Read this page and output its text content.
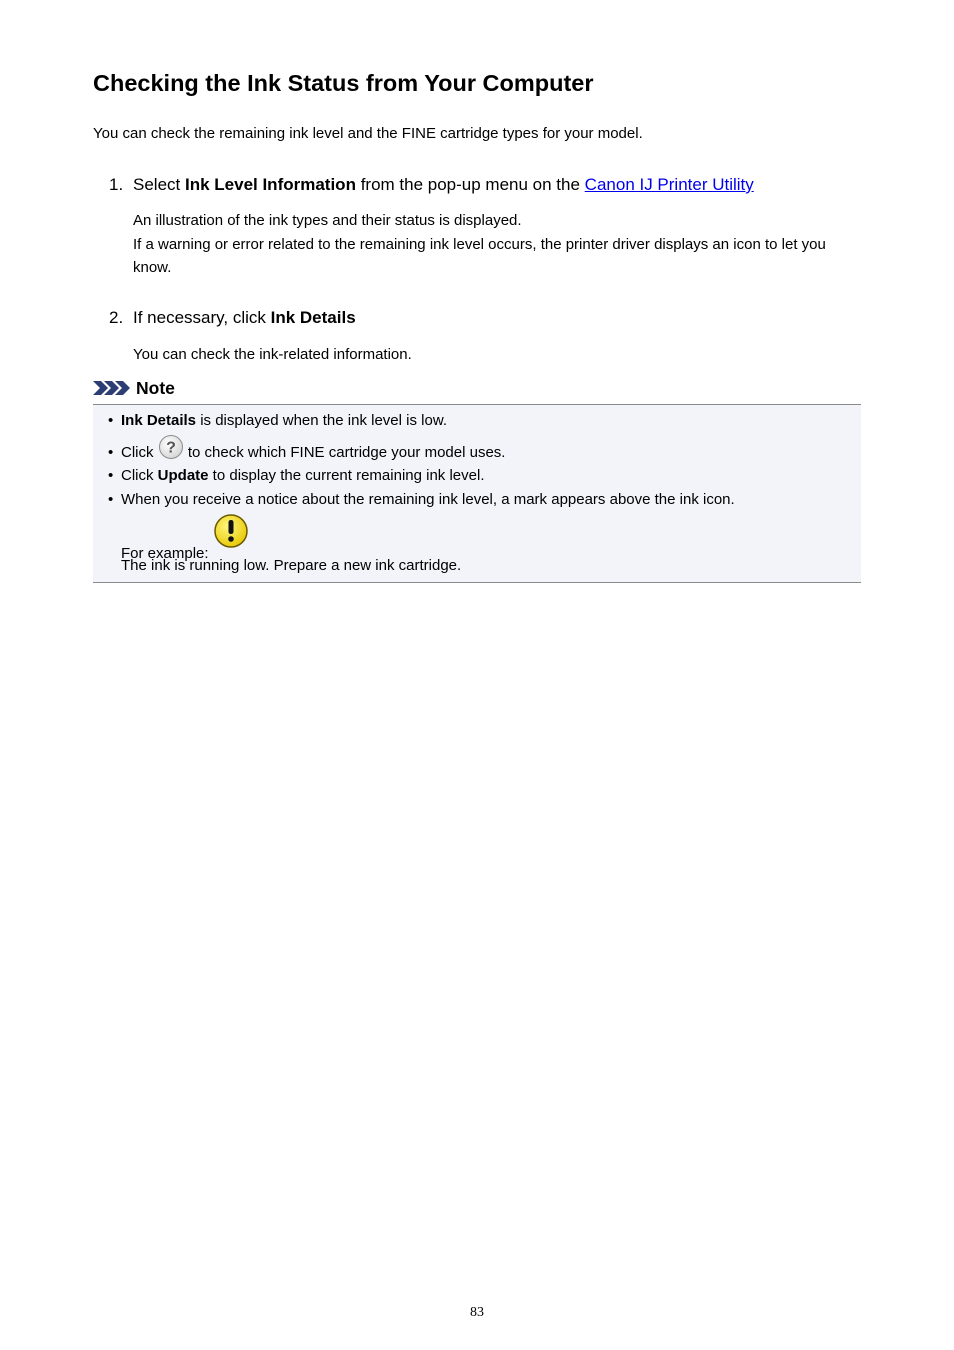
Checking the Ink Status from Your Computer
You can check the remaining ink level and the FINE cartridge types for your model.
1. Select Ink Level Information from the pop-up menu on the Canon IJ Printer Utility
An illustration of the ink types and their status is displayed.
If a warning or error related to the remaining ink level occurs, the printer driver displays an icon to let you
know.
2. If necessary, click Ink Details
You can check the ink-related information.
Note
• Ink Details is displayed when the ink level is low.
• Click ? to check which FINE cartridge your model uses.
• Click Update to display the current remaining ink level.
• When you receive a notice about the remaining ink level, a mark appears above the ink icon.
For example:
The ink is running low. Prepare a new ink cartridge.
83
